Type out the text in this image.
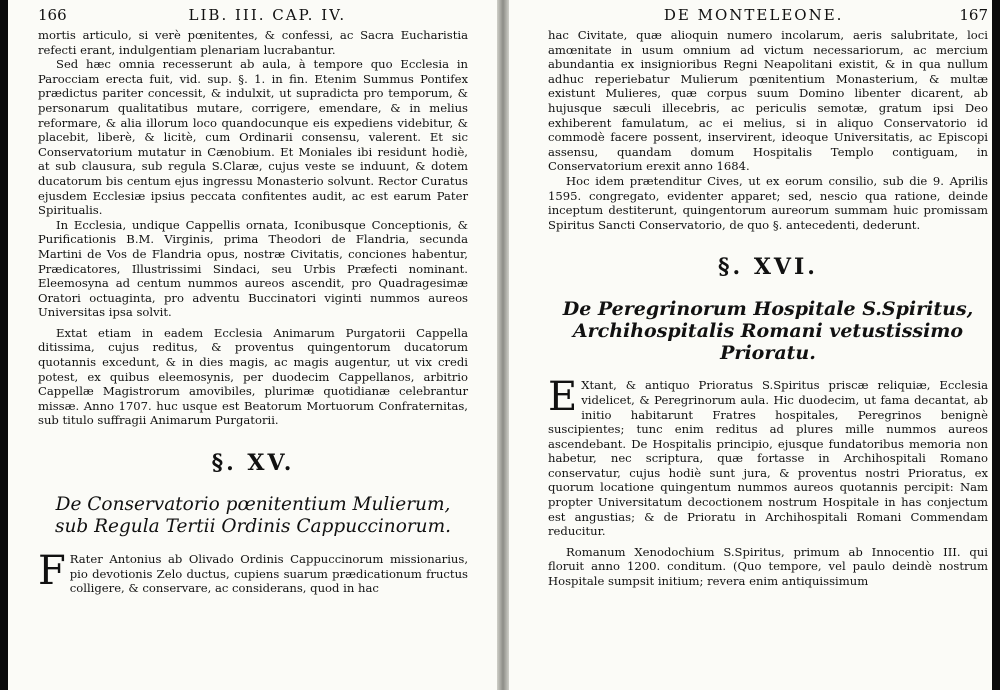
166	LIB. III. CAP. IV.

mortis articulo, si verè pœnitentes, & confessi, ac Sacra Eucharistia refecti erant, indulgentiam plenariam lucrabantur.

Sed hæc omnia recesserunt ab aula, à tempore quo Ecclesia in Parocciam erecta fuit, vid. sup. §. 1. in fin. Etenim Summus Pontifex prædictus pariter concessit, & indulxit, ut supradicta pro temporum, & personarum qualitatibus mutare, corrigere, emendare, & in melius reformare, & alia illorum loco quandocunque eis expediens videbitur, & placebit, liberè, & licitè, cum Ordinarii consensu, valerent. Et sic Conservatorium mutatur in Cænobium. Et Moniales ibi residunt hodiè, at sub clausura, sub regula S.Claræ, cujus veste se induunt, & dotem ducatorum bis centum ejus ingressu Monasterio solvunt. Rector Curatus ejusdem Ecclesiæ ipsius peccata confitentes audit, ac est earum Pater Spiritualis.

In Ecclesia, undique Cappellis ornata, Iconibusque Conceptionis, & Purificationis B.M. Virginis, prima Theodori de Flandria, secunda Martini de Vos de Flandria opus, nostræ Civitatis, conciones habentur, Prædicatores, Illustrissimi Sindaci, seu Urbis Præfecti nominant. Eleemosyna ad centum nummos aureos ascendit, pro Quadragesimæ Oratori octuaginta, pro adventu Buccinatori viginti nummos aureos Universitas ipsa solvit.

Extat etiam in eadem Ecclesia Animarum Purgatorii Cappella ditissima, cujus reditus, & proventus quingentorum ducatorum quotannis excedunt, & in dies magis, ac magis augentur, ut vix credi potest, ex quibus eleemosynis, per duodecim Cappellanos, arbitrio Cappellæ Magistrorum amovibiles, plurimæ quotidianæ celebrantur missæ. Anno 1707. huc usque est Beatorum Mortuorum Confraternitas, sub titulo suffragii Animarum Purgatorii.

§. XV.
De Conservatorio pœnitentium Mulierum, sub Regula Tertii Ordinis Cappuccinorum.

F Rater Antonius ab Olivado Ordinis Cappuccinorum missionarius, pio devotionis Zelo ductus, cupiens suarum prædicationum fructus colligere, & conservare, ac considerans, quod in hac

DE MONTELEONE.	167

hac Civitate, quæ alioquin numero incolarum, aeris salubritate, loci amœnitate in usum omnium ad victum necessariorum, ac mercium abundantia ex insignioribus Regni Neapolitani existit, & in qua nullum adhuc reperiebatur Mulierum pœnitentium Monasterium, & multæ existunt Mulieres, quæ corpus suum Domino libenter dicarent, ab hujusque sæculi illecebris, ac periculis semotæ, gratum ipsi Deo exhiberent famulatum, ac ei melius, si in aliquo Conservatorio id commodè facere possent, inservirent, ideoque Universitatis, ac Episcopi assensu, quandam domum Hospitalis Templo contiguam, in Conservatorium erexit anno 1684.

Hoc idem prætenditur Cives, ut ex eorum consilio, sub die 9. Aprilis 1595. congregato, evidenter apparet; sed, nescio qua ratione, deinde inceptum destiterunt, quingentorum aureorum summam huic promissam Spiritus Sancti Conservatorio, de quo §. antecedenti, dederunt.

§. XVI.
De Peregrinorum Hospitale S.Spiritus, Archihospitalis Romani vetustissimo Prioratu.

E Xtant, & antiquo Prioratus S.Spiritus priscæ reliquiæ, Ecclesia videlicet, & Peregrinorum aula. Hic duodecim, ut fama decantat, ab initio habitarunt Fratres hospitales, Peregrinos benignè suscipientes; tunc enim reditus ad plures mille nummos aureos ascendebant. De Hospitalis principio, ejusque fundatoribus memoria non habetur, nec scriptura, quæ fortasse in Archihospitali Romano conservatur, cujus hodiè sunt jura, & proventus nostri Prioratus, ex quorum locatione quingentum nummos aureos quotannis percipit: Nam propter Universitatum decoctionem nostrum Hospitale in has conjectum est angustias; & de Prioratu in Archihospitali Romani Commendam reducitur.

Romanum Xenodochium S.Spiritus, primum ab Innocentio III. qui floruit anno 1200. conditum. (Quo tempore, vel paulo deindè nostrum Hospitale sumpsit initium; revera enim antiquissimum
